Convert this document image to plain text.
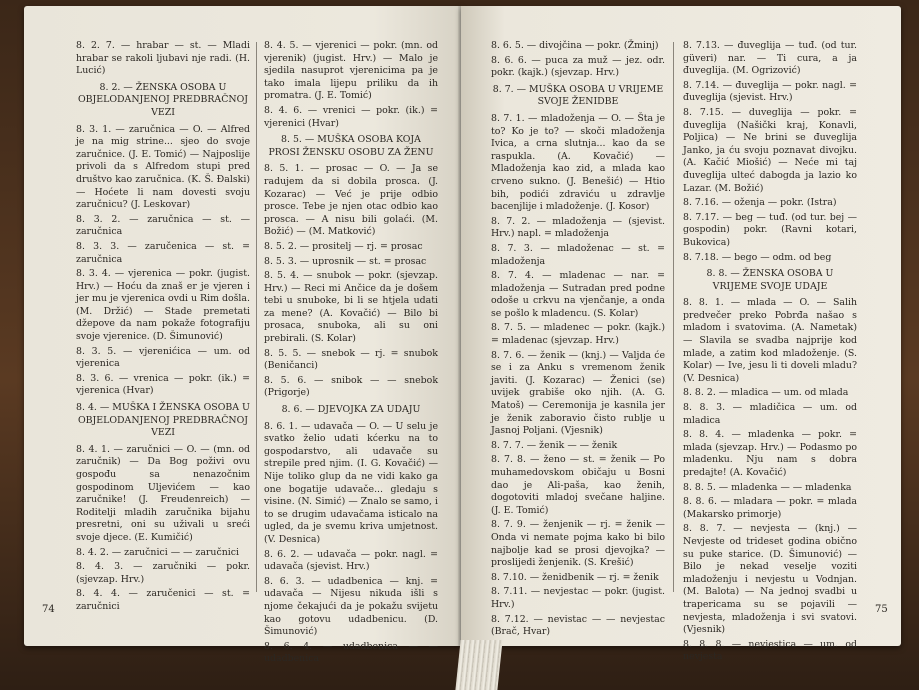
8. 2. 7. — hrabar — st. — Mladi hrabar se rakoli ljubavi nje radi. (H. Lucić)
8. 2. — ŽENSKA OSOBA U OBJELODANJENOJ PREDBRAČNOJ VEZI
8. 3. 1. — zaručnica — O. — Alfred je na mig strine... sjeo do svoje zaručnice. (J. E. Tomić) — Najposlije privoli da s Alfredom stupi pred društvo kao zaručnica. (K. Š. Đalski) — Hoćete li nam dovesti svoju zaručnicu? (J. Leskovar)
8. 3. 2. — zaručnica — st. — zaručnica
8. 3. 3. — zaručenica — st. = zaručnica
8. 3. 4. — vjerenica — pokr. (jugist. Hrv.) — Hoću da znaš er je vjeren i jer mu je vjerenica ovdi u Rim došla. (M. Držić) — Stade premetati džepove da nam pokaže fotografiju svoje vjerenice. (D. Šimunović)
8. 3. 5. — vjerenićica — um. od vjerenica
8. 3. 6. — vrenica — pokr. (ik.) = vjerenica (Hvar)
8. 4. — MUŠKA I ŽENSKA OSOBA U OBJELODANJENOJ PREDBRAČNOJ VEZI
8. 4. 1. — zaručnici — O. — (mn. od zaručnik) — Da Bog poživi ovu gospođu sa nenazočnim gospodinom Ulјevićem — kao zaručnike! (J. Freudenreich) — Roditelji mladih zaručnika bijahu presretni, oni su uživali u sreći svoje djece. (E. Kumičić)
8. 4. 2. — zaručnici — — zaručnici
8. 4. 3. — zaručniki — pokr. (sjevzap. Hrv.)
8. 4. 4. — zaručenici — st. = zaručnici
8. 4. 5. — vjerenici — pokr. (mn. od vjerenik) (jugist. Hrv.) — Malo je sjedila nasuprot vjerenicima pa je tako imala lijepu priliku da ih promatra. (J. E. Tomić)
8. 4. 6. — vrenici — pokr. (ik.) = vjerenici (Hvar)
8. 5. — MUŠKA OSOBA KOJA PROSI ŽENSKU OSOBU ZA ŽENU
8. 5. 1. — prosac — O. — Ja se radujem da si dobila prosca. (J. Kozarac) — Već je prije odbio prosce. Tebe je njen otac odbio kao prosca. — A nisu bili golaći. (M. Božić) — (M. Matković)
8. 5. 2. — prositelj — rj. = prosac
8. 5. 3. — uprosnik — st. = prosac
8. 5. 4. — snubok — pokr. (sjevzap. Hrv.) — Reci mi Ančice da je došem tebi u snuboke, bi li se htjela udati za mene? (A. Kovačić) — Bilo bi prosaca, snuboka, ali su oni prebirali. (S. Kolar)
8. 5. 5. — snebok — rj. = snubok (Beničanci)
8. 5. 6. — snibok — — snebok (Prigorje)
8. 6. — DJEVOJKA ZA UDAJU
8. 6. 1. — udavača — O. — U selu je svatko želio udati kćerku na to gospodarstvo, ali udavače su strepile pred njim. (I. G. Kovačić) — Nije toliko glup da ne vidi kako ga one bogatije udavače... gledaju s visine. (N. Simić) — Znalo se samo, i to se drugim udavačama isticalo na ugled, da je svemu kriva umjetnost. (V. Desnica)
8. 6. 2. — udavača — pokr. nagl. = udavača (sjevist. Hrv.)
8. 6. 3. — udadbenica — knj. = udavača — Nijesu nikuda išli s njome čekajući da je pokažu svijetu kao gotovu udadbenicu. (D. Šimunović)
8. 6. 4. — udadbenica — — udadbenica
74
8. 6. 5. — divojčina — pokr. (Žminj)
8. 6. 6. — puca za muž — jez. odr. pokr. (kajk.) (sjevzap. Hrv.)
8. 7. — MUŠKA OSOBA U VRIJEME SVOJE ŽENIDBE
8. 7. 1. — mladoženja — O. — Šta je to? Ko je to? — skoči mladoženja Ivica, a crna slutnja... kao da se raspukla. (A. Kovačić) — Mladoženja kao zid, a mlada kao crveno sukno. (J. Benešić) — Htio bih, podići zdraviću u zdravlje bacenjlije i mladoženje. (J. Kosor)
8. 7. 2. — mladoženja — (sjevist. Hrv.) napl. = mladoženja
8. 7. 3. — mladoženac — st. = mladoženja
8. 7. 4. — mladenac — nar. = mladoženja — Sutradan pred podne odoše u crkvu na vjenčanje, a onda se pošlo k mladencu. (S. Kolar)
8. 7. 5. — mladenec — pokr. (kajk.) = mladenac (sjevzap. Hrv.)
8. 7. 6. — ženik — (knj.) — Valjda će se i za Anku s vremenom ženik javiti. (J. Kozarac) — Ženici (se) uvijek grabiše oko njih. (A. G. Matoš) — Ceremonija je kasnila jer je ženik zaboravio čisto rublje u Jasnoj Poljani. (Vjesnik)
8. 7. 7. — ženik — — ženik
8. 7. 8. — ženo — st. = ženik — Po muhamedovskom običaju u Bosni dao je Ali-paša, kao ženih, dogotoviti mladoj svečane haljine. (J. E. Tomić)
8. 7. 9. — ženjenik — rj. = ženik — Onda vi nemate pojma kako bi bilo najbolje kad se prosi djevojka? — proslijedi ženjenik. (S. Krešić)
8. 7.10. — ženidbenik — rj. = ženik
8. 7.11. — nevjestac — pokr. (jugist. Hrv.)
8. 7.12. — nevistac — — nevjestac (Brač, Hvar)
8. 7.13. — đuveglija — tuđ. (od tur. güveri) nar. — Ti cura, a ja đuveglija. (M. Ogrizović)
8. 7.14. — đuveglija — pokr. nagl. = đuveglija (sjevist. Hrv.)
8. 7.15. — duveglija — pokr. = đuveglija (Našički kraj, Konavli, Poljica) — Ne brini se đuveglija Janko, ja ću svoju poznavat divojku. (A. Kačić Miošić) — Neće mi taj đuveglija ulteć dabogda ja lazio ko Lazar. (M. Božić)
8. 7.16. — oženja — pokr. (Istra)
8. 7.17. — beg — tuđ. (od tur. bej — gospodin) pokr. (Ravni kotari, Bukovica)
8. 7.18. — bego — odm. od beg
8. 8. — ŽENSKA OSOBA U VRIJEME SVOJE UDAJE
8. 8. 1. — mlada — O. — Salih predvečer preko Pobrđa našao s mladom i svatovima. (A. Nametak) — Slavila se svadba najprije kod mlade, a zatim kod mladoženje. (S. Kolar) — Ive, jesu li ti doveli mladu? (V. Desnica)
8. 8. 2. — mladica — um. od mlada
8. 8. 3. — mladičica — um. od mladica
8. 8. 4. — mladenka — pokr. = mlada (sjevzap. Hrv.) — Podasmo po mladenku. Nju nam s dobra predajte! (A. Kovačić)
8. 8. 5. — mladenka — — mladenka
8. 8. 6. — mladara — pokr. = mlada (Makarsko primorje)
8. 8. 7. — nevjesta — (knj.) — Nevjeste od trideset godina obično su puke starice. (D. Šimunović) — Bilo je nekad veselje voziti mladoženju i nevjestu u Vodnjan. (M. Balota) — Na jednoj svadbi u trapericama su se pojavili — nevjesta, mladoženja i svi svatovi. (Vjesnik)
8. 8. 8. — nevjestica — um. od nevjesta
75
